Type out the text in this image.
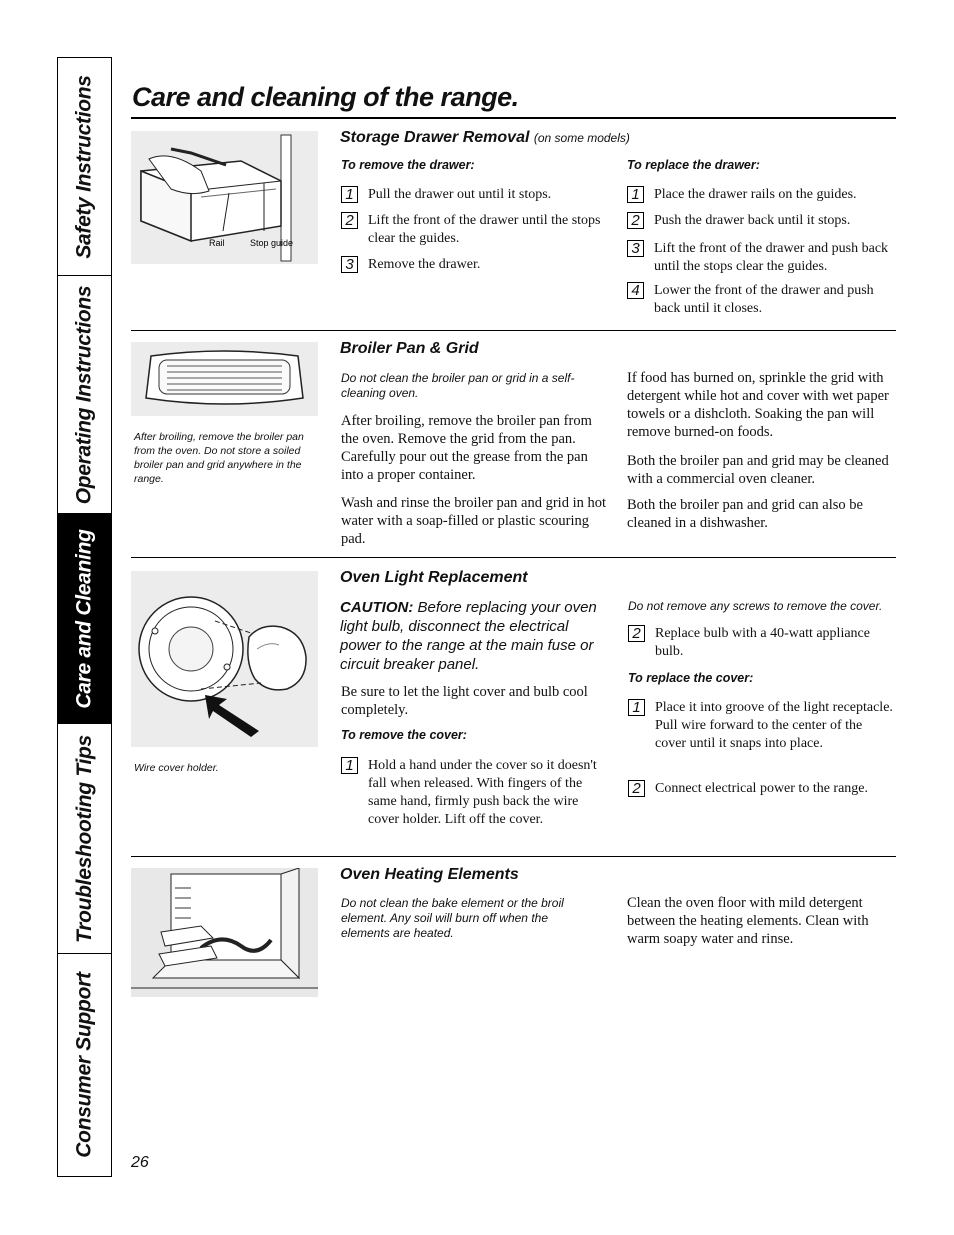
Safety Instructions
Operating Instructions
Care and Cleaning
Troubleshooting Tips
Consumer Support
Care and cleaning of the range.
Rail	Stop guide
Storage Drawer Removal (on some models)
To remove the drawer:
1	Pull the drawer out until it stops.
2	Lift the front of the drawer until the stops clear the guides.
3	Remove the drawer.
To replace the drawer:
1	Place the drawer rails on the guides.
2	Push the drawer back until it stops.
3	Lift the front of the drawer and push back until the stops clear the guides.
4	Lower the front of the drawer and push back until it closes.
After broiling, remove the broiler pan from the oven. Do not store a soiled broiler pan and grid anywhere in the range.
Broiler Pan & Grid
Do not clean the broiler pan or grid in a self-cleaning oven.
After broiling, remove the broiler pan from the oven. Remove the grid from the pan. Carefully pour out the grease from the pan into a proper container.
Wash and rinse the broiler pan and grid in hot water with a soap-filled or plastic scouring pad.
If food has burned on, sprinkle the grid with detergent while hot and cover with wet paper towels or a dishcloth. Soaking the pan will remove burned-on foods.
Both the broiler pan and grid may be cleaned with a commercial oven cleaner.
Both the broiler pan and grid can also be cleaned in a dishwasher.
Wire cover holder.
Oven Light Replacement
CAUTION: Before replacing your oven light bulb, disconnect the electrical power to the range at the main fuse or circuit breaker panel.
Be sure to let the light cover and bulb cool completely.
To remove the cover:
1	Hold a hand under the cover so it doesn't fall when released. With fingers of the same hand, firmly push back the wire cover holder. Lift off the cover.
Do not remove any screws to remove the cover.
2	Replace bulb with a 40-watt appliance bulb.
To replace the cover:
1	Place it into groove of the light receptacle. Pull wire forward to the center of the cover until it snaps into place.
2	Connect electrical power to the range.
Oven Heating Elements
Do not clean the bake element or the broil element. Any soil will burn off when the elements are heated.
Clean the oven floor with mild detergent between the heating elements. Clean with warm soapy water and rinse.
26
